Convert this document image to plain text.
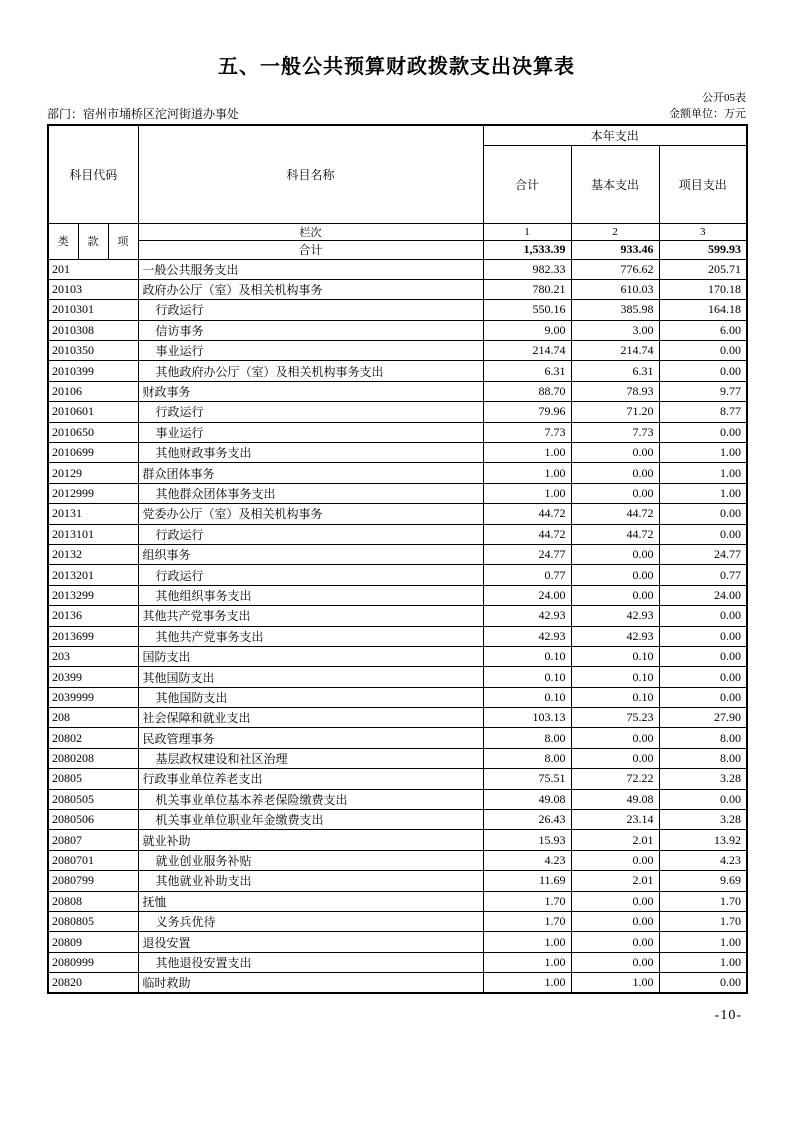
五、一般公共预算财政拨款支出决算表
公开05表
部门：宿州市埇桥区沱河街道办事处	金额单位：万元
科目代码			科目名称	本年支出		
				合计	基本支出	项目支出
类	款	项	栏次	1	2	3
			合计	1,533.39	933.46	599.93
201			一般公共服务支出	982.33	776.62	205.71
20103			政府办公厅（室）及相关机构事务	780.21	610.03	170.18
2010301			行政运行	550.16	385.98	164.18
2010308			信访事务	9.00	3.00	6.00
2010350			事业运行	214.74	214.74	0.00
2010399			其他政府办公厅（室）及相关机构事务支出	6.31	6.31	0.00
20106			财政事务	88.70	78.93	9.77
2010601			行政运行	79.96	71.20	8.77
2010650			事业运行	7.73	7.73	0.00
2010699			其他财政事务支出	1.00	0.00	1.00
20129			群众团体事务	1.00	0.00	1.00
2012999			其他群众团体事务支出	1.00	0.00	1.00
20131			党委办公厅（室）及相关机构事务	44.72	44.72	0.00
2013101			行政运行	44.72	44.72	0.00
20132			组织事务	24.77	0.00	24.77
2013201			行政运行	0.77	0.00	0.77
2013299			其他组织事务支出	24.00	0.00	24.00
20136			其他共产党事务支出	42.93	42.93	0.00
2013699			其他共产党事务支出	42.93	42.93	0.00
203			国防支出	0.10	0.10	0.00
20399			其他国防支出	0.10	0.10	0.00
2039999			其他国防支出	0.10	0.10	0.00
208			社会保障和就业支出	103.13	75.23	27.90
20802			民政管理事务	8.00	0.00	8.00
2080208			基层政权建设和社区治理	8.00	0.00	8.00
20805			行政事业单位养老支出	75.51	72.22	3.28
2080505			机关事业单位基本养老保险缴费支出	49.08	49.08	0.00
2080506			机关事业单位职业年金缴费支出	26.43	23.14	3.28
20807			就业补助	15.93	2.01	13.92
2080701			就业创业服务补贴	4.23	0.00	4.23
2080799			其他就业补助支出	11.69	2.01	9.69
20808			抚恤	1.70	0.00	1.70
2080805			义务兵优待	1.70	0.00	1.70
20809			退役安置	1.00	0.00	1.00
2080999			其他退役安置支出	1.00	0.00	1.00
20820			临时救助	1.00	1.00	0.00
-10-
